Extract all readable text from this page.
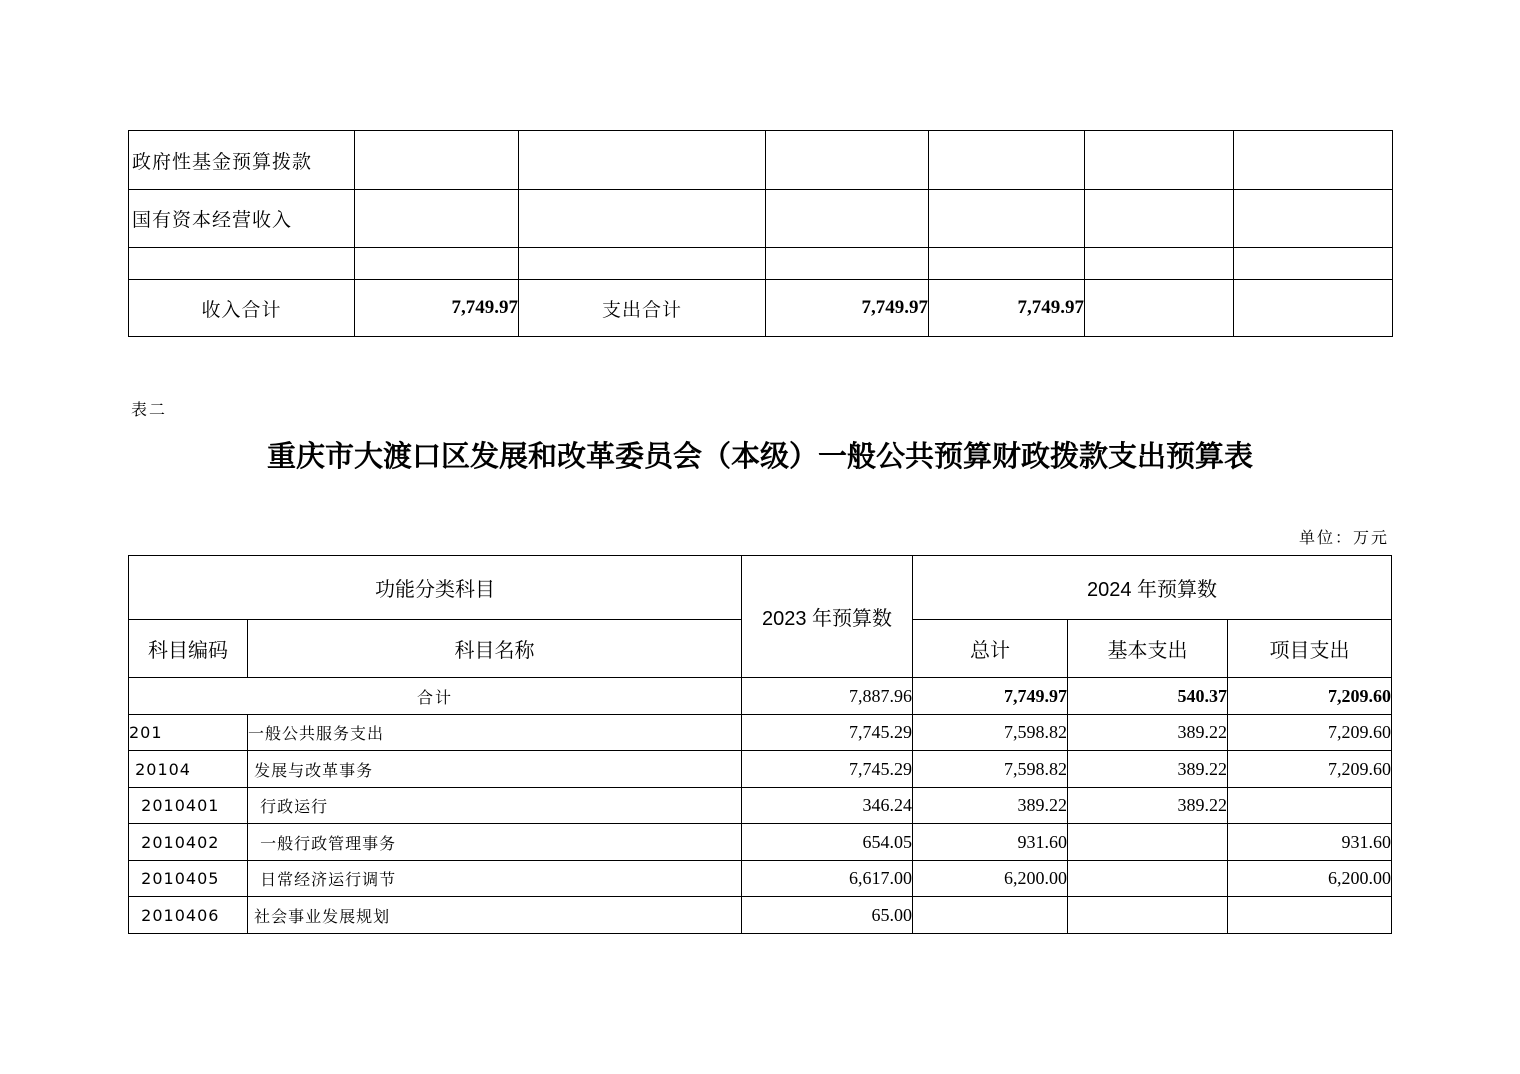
政府性基金预算拨款						
国有资本经营收入						

收入合计	7,749.97	支出合计	7,749.97	7,749.97		
表二
重庆市大渡口区发展和改革委员会（本级）一般公共预算财政拨款支出预算表
单位：万元
功能分类科目		2023 年预算数	2024 年预算数		
科目编码	科目名称		总计	基本支出	项目支出
合计		7,887.96	7,749.97	540.37	7,209.60
201	一般公共服务支出	7,745.29	7,598.82	389.22	7,209.60
20104	发展与改革事务	7,745.29	7,598.82	389.22	7,209.60
2010401	行政运行	346.24	389.22	389.22	
2010402	一般行政管理事务	654.05	931.60		931.60
2010405	日常经济运行调节	6,617.00	6,200.00		6,200.00
2010406	社会事业发展规划	65.00			
